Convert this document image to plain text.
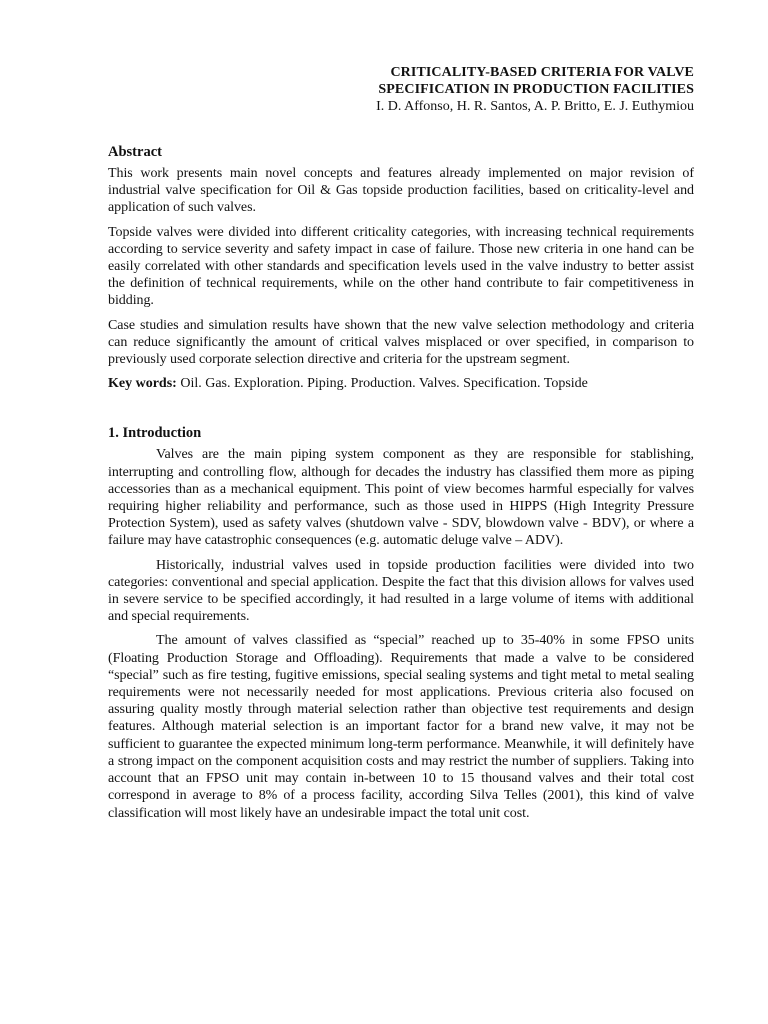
CRITICALITY-BASED CRITERIA FOR VALVE
SPECIFICATION IN PRODUCTION FACILITIES
I. D. Affonso, H. R. Santos, A. P. Britto, E. J. Euthymiou
Abstract

This work presents main novel concepts and features already implemented on major revision of industrial valve specification for Oil & Gas topside production facilities, based on criticality-level and application of such valves.

Topside valves were divided into different criticality categories, with increasing technical requirements according to service severity and safety impact in case of failure. Those new criteria in one hand can be easily correlated with other standards and specification levels used in the valve industry to better assist the definition of technical requirements, while on the other hand contribute to fair competitiveness in bidding.

Case studies and simulation results have shown that the new valve selection methodology and criteria can reduce significantly the amount of critical valves misplaced or over specified, in comparison to previously used corporate selection directive and criteria for the upstream segment.

Key words: Oil. Gas. Exploration. Piping. Production. Valves. Specification. Topside
1. Introduction

Valves are the main piping system component as they are responsible for stablishing, interrupting and controlling flow, although for decades the industry has classified them more as piping accessories than as a mechanical equipment. This point of view becomes harmful especially for valves requiring higher reliability and performance, such as those used in HIPPS (High Integrity Pressure Protection System), used as safety valves (shutdown valve - SDV, blowdown valve - BDV), or where a failure may have catastrophic consequences (e.g. automatic deluge valve – ADV).

Historically, industrial valves used in topside production facilities were divided into two categories: conventional and special application. Despite the fact that this division allows for valves used in severe service to be specified accordingly, it had resulted in a large volume of items with additional and special requirements.

The amount of valves classified as “special” reached up to 35-40% in some FPSO units (Floating Production Storage and Offloading). Requirements that made a valve to be considered “special” such as fire testing, fugitive emissions, special sealing systems and tight metal to metal sealing requirements were not necessarily needed for most applications. Previous criteria also focused on assuring quality mostly through material selection rather than objective test requirements and design features. Although material selection is an important factor for a brand new valve, it may not be sufficient to guarantee the expected minimum long-term performance. Meanwhile, it will definitely have a strong impact on the component acquisition costs and may restrict the number of suppliers. Taking into account that an FPSO unit may contain in-between 10 to 15 thousand valves and their total cost correspond in average to 8% of a process facility, according Silva Telles (2001), this kind of valve classification will most likely have an undesirable impact the total unit cost.
